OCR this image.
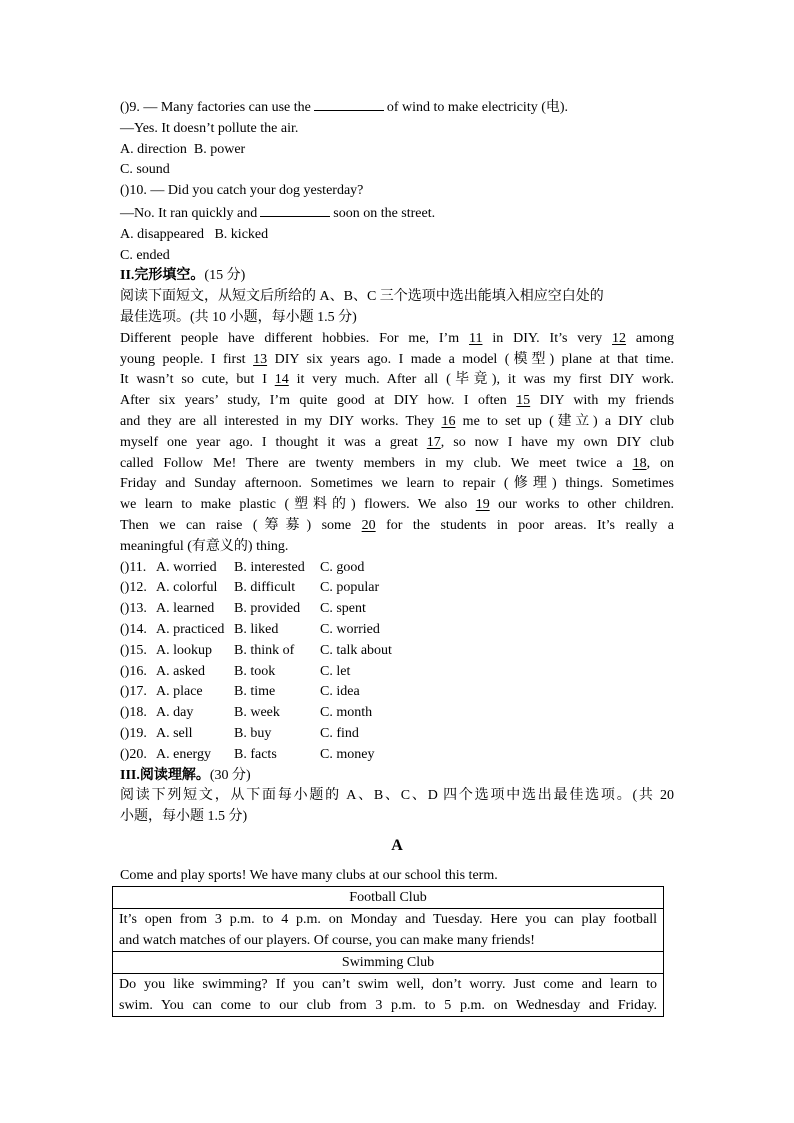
()9. — Many factories can use the	of wind to make electricity (电).
—Yes. It doesn’t pollute the air.
A. direction B. power
C. sound
()10. — Did you catch your dog yesterday?
—No. It ran quickly and	soon on the street.
A. disappeared B. kicked
C. ended
II.完形填空。(15 分)
阅读下面短文，从短文后所给的 A、B、C 三个选项中选出能填入相应空白处的
最佳选项。(共 10 小题，每小题 1.5 分)
Different people have different hobbies. For me, I’m 11 in DIY. It’s very 12 among
young people. I first 13 DIY six years ago. I made a model (模型) plane at that time.
It wasn’t so cute, but I 14 it very much. After all (毕竟), it was my first DIY work.
After six years’ study, I’m quite good at DIY how. I often 15 DIY with my friends
and they are all interested in my DIY works. They 16 me to set up (建立) a DIY club
myself one year ago. I thought it was a great 17, so now I have my own DIY club
called Follow Me! There are twenty members in my club. We meet twice a 18, on
Friday and Sunday afternoon. Sometimes we learn to repair (修理) things. Sometimes
we learn to make plastic (塑料的) flowers. We also 19 our works to other children.
Then we can raise (筹募) some 20 for the students in poor areas. It’s really a
meaningful (有意义的) thing.
()11. A. worried B. interested C. good
()12. A. colorful B. difficult C. popular
()13. A. learned B. provided C. spent
()14. A. practiced B. liked	C. worried
()15. A. lookup B. think of C. talk about
()16. A. asked B. took	C. let
()17. A. place B. time	C. idea
()18. A. day	B. week	C. month
()19. A. sell	B. buy	C. find
()20. A. energy B. facts	C. money
III.阅读理解。(30 分)
阅读下列短文，从下面每小题的 A、B、C、D 四个选项中选出最佳选项。(共 20
小题，每小题 1.5 分)
A
Come and play sports! We have many clubs at our school this term.
Football Club

It’s open from 3 p.m. to 4 p.m. on Monday and Tuesday. Here you can play football
and watch matches of our players. Of course, you can make many friends!

Swimming Club

Do you like swimming? If you can’t swim well, don’t worry. Just come and learn to
swim. You can come to our club from 3 p.m. to 5 p.m. on Wednesday and Friday.
